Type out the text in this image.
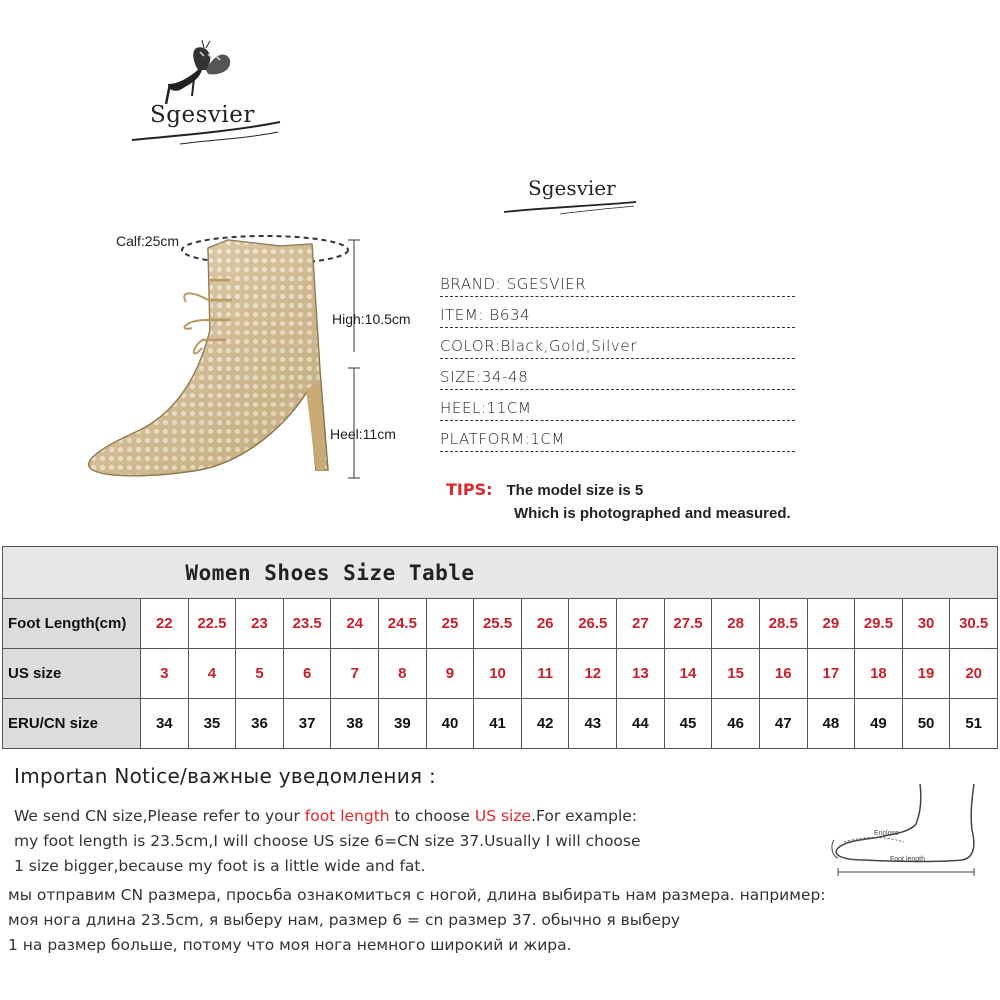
Sgesvier
Sgesvier
Calf:25cm
High:10.5cm
Heel:11cm
BRAND: SGESVIER
ITEM: B634
COLOR:Black,Gold,Silver
SIZE:34-48
HEEL:11CM
PLATFORM:1CM
TIPS: The model size is 5
Which is photographed and measured.
Women Shoes Size Table																		
Foot Length(cm)	22	22.5	23	23.5	24	24.5	25	25.5	26	26.5	27	27.5	28	28.5	29	29.5	30	30.5
US size	3	4	5	6	7	8	9	10	11	12	13	14	15	16	17	18	19	20
ERU/CN size	34	35	36	37	38	39	40	41	42	43	44	45	46	47	48	49	50	51
Importan Notice/важные уведомления :
We send CN size,Please refer to your foot length to choose US size.For example:
my foot length is 23.5cm,I will choose US size 6=CN size 37.Usually I will choose
1 size bigger,because my foot is a little wide and fat.
мы отправим CN размера, просьба ознакомиться с ногой, длина выбирать нам размера. например:
моя нога длина 23.5cm, я выберу нам, размер 6 = cn размер 37. обычно я выберу
1 на размер больше, потому что моя нога немного широкий и жира.
Enclose
Foot length
